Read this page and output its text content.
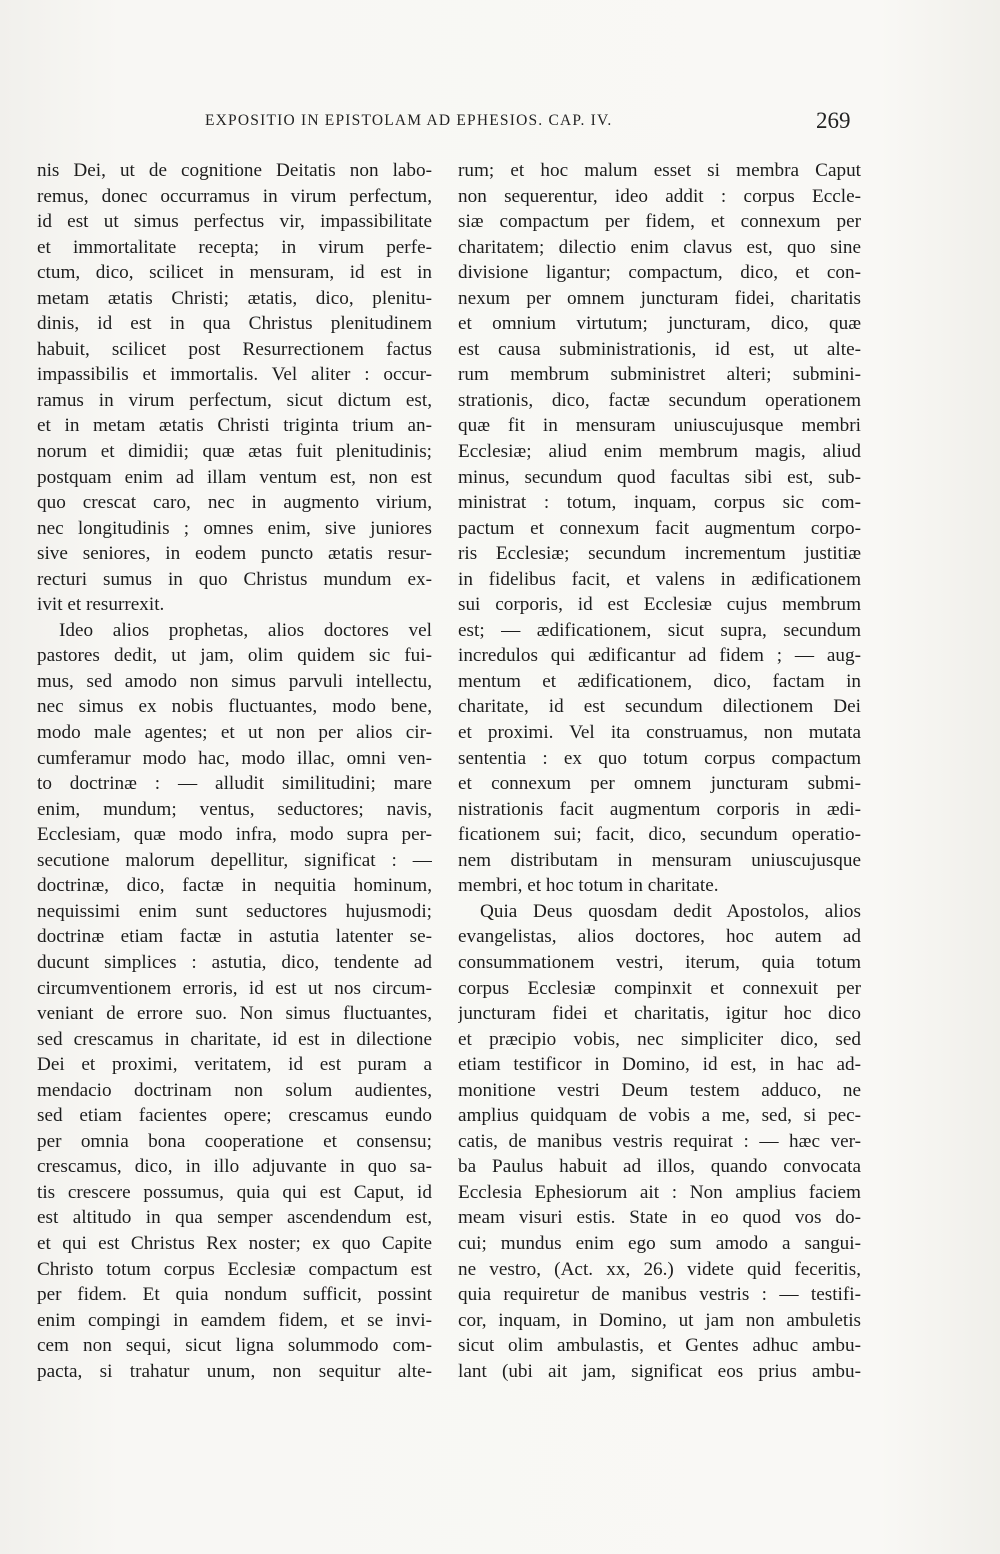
EXPOSITIO IN EPISTOLAM AD EPHESIOS. CAP. IV.	269
nis Dei, ut de cognitione Deitatis non labo-
remus, donec occurramus in virum perfectum,
id est ut simus perfectus vir, impassibilitate
et immortalitate recepta; in virum perfe-
ctum, dico, scilicet in mensuram, id est in
metam ætatis Christi; ætatis, dico, plenitu-
dinis, id est in qua Christus plenitudinem
habuit, scilicet post Resurrectionem factus
impassibilis et immortalis. Vel aliter : occur-
ramus in virum perfectum, sicut dictum est,
et in metam ætatis Christi triginta trium an-
norum et dimidii; quæ ætas fuit plenitudinis;
postquam enim ad illam ventum est, non est
quo crescat caro, nec in augmento virium,
nec longitudinis ; omnes enim, sive juniores
sive seniores, in eodem puncto ætatis resur-
recturi sumus in quo Christus mundum ex-
ivit et resurrexit.
Ideo alios prophetas, alios doctores vel
pastores dedit, ut jam, olim quidem sic fui-
mus, sed amodo non simus parvuli intellectu,
nec simus ex nobis fluctuantes, modo bene,
modo male agentes; et ut non per alios cir-
cumferamur modo hac, modo illac, omni ven-
to doctrinæ : — alludit similitudini; mare
enim, mundum; ventus, seductores; navis,
Ecclesiam, quæ modo infra, modo supra per-
secutione malorum depellitur, significat : —
doctrinæ, dico, factæ in nequitia hominum,
nequissimi enim sunt seductores hujusmodi;
doctrinæ etiam factæ in astutia latenter se-
ducunt simplices : astutia, dico, tendente ad
circumventionem erroris, id est ut nos circum-
veniant de errore suo. Non simus fluctuantes,
sed crescamus in charitate, id est in dilectione
Dei et proximi, veritatem, id est puram a
mendacio doctrinam non solum audientes,
sed etiam facientes opere; crescamus eundo
per omnia bona cooperatione et consensu;
crescamus, dico, in illo adjuvante in quo sa-
tis crescere possumus, quia qui est Caput, id
est altitudo in qua semper ascendendum est,
et qui est Christus Rex noster; ex quo Capite
Christo totum corpus Ecclesiæ compactum est
per fidem. Et quia nondum sufficit, possint
enim compingi in eamdem fidem, et se invi-
cem non sequi, sicut ligna solummodo com-
pacta, si trahatur unum, non sequitur alte-
rum; et hoc malum esset si membra Caput
non sequerentur, ideo addit : corpus Eccle-
siæ compactum per fidem, et connexum per
charitatem; dilectio enim clavus est, quo sine
divisione ligantur; compactum, dico, et con-
nexum per omnem juncturam fidei, charitatis
et omnium virtutum; juncturam, dico, quæ
est causa subministrationis, id est, ut alte-
rum membrum subministret alteri; submini-
strationis, dico, factæ secundum operationem
quæ fit in mensuram uniuscujusque membri
Ecclesiæ; aliud enim membrum magis, aliud
minus, secundum quod facultas sibi est, sub-
ministrat : totum, inquam, corpus sic com-
pactum et connexum facit augmentum corpo-
ris Ecclesiæ; secundum incrementum justitiæ
in fidelibus facit, et valens in ædificationem
sui corporis, id est Ecclesiæ cujus membrum
est; — ædificationem, sicut supra, secundum
incredulos qui ædificantur ad fidem ; — aug-
mentum et ædificationem, dico, factam in
charitate, id est secundum dilectionem Dei
et proximi. Vel ita construamus, non mutata
sententia : ex quo totum corpus compactum
et connexum per omnem juncturam submi-
nistrationis facit augmentum corporis in ædi-
ficationem sui; facit, dico, secundum operatio-
nem distributam in mensuram uniuscujusque
membri, et hoc totum in charitate.
Quia Deus quosdam dedit Apostolos, alios
evangelistas, alios doctores, hoc autem ad
consummationem vestri, iterum, quia totum
corpus Ecclesiæ compinxit et connexuit per
juncturam fidei et charitatis, igitur hoc dico
et præcipio vobis, nec simpliciter dico, sed
etiam testificor in Domino, id est, in hac ad-
monitione vestri Deum testem adduco, ne
amplius quidquam de vobis a me, sed, si pec-
catis, de manibus vestris requirat : — hæc ver-
ba Paulus habuit ad illos, quando convocata
Ecclesia Ephesiorum ait : Non amplius faciem
meam visuri estis. State in eo quod vos do-
cui; mundus enim ego sum amodo a sangui-
ne vestro, (Act. xx, 26.) videte quid feceritis,
quia requiretur de manibus vestris : — testifi-
cor, inquam, in Domino, ut jam non ambuletis
sicut olim ambulastis, et Gentes adhuc ambu-
lant (ubi ait jam, significat eos prius ambu-
